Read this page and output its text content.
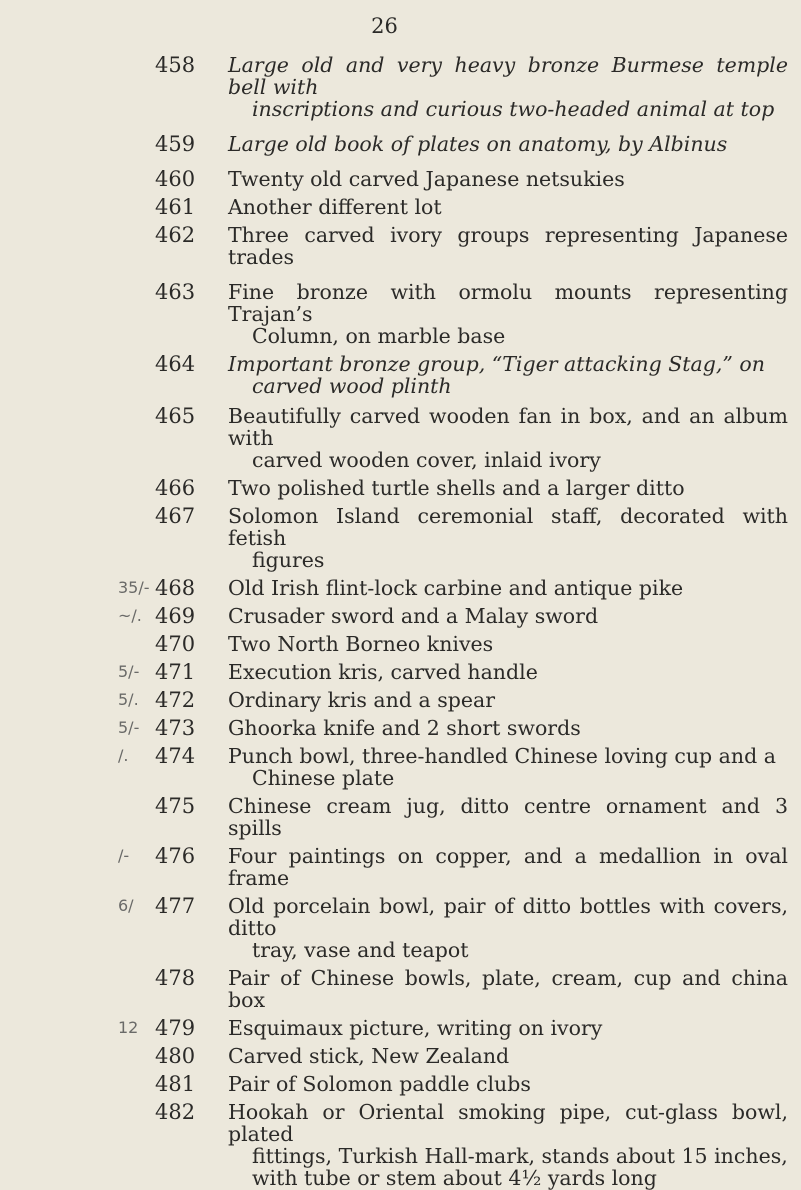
26
458	Large old and very heavy bronze Burmese temple bell with
inscriptions and curious two-headed animal at top
459	Large old book of plates on anatomy, by Albinus
460	Twenty old carved Japanese netsukies
461	Another different lot
462	Three carved ivory groups representing Japanese trades
463	Fine bronze with ormolu mounts representing Trajan’s
Column, on marble base
464	Important bronze group, “Tiger attacking Stag,” on
carved wood plinth
465	Beautifully carved wooden fan in box, and an album with
carved wooden cover, inlaid ivory
466	Two polished turtle shells and a larger ditto
467	Solomon Island ceremonial staff, decorated with fetish
figures
35/- 468	Old Irish flint-lock carbine and antique pike
~/. 469	Crusader sword and a Malay sword
470	Two North Borneo knives
5/- 471	Execution kris, carved handle
5/. 472	Ordinary kris and a spear
5/- 473	Ghoorka knife and 2 short swords
/. 474	Punch bowl, three-handled Chinese loving cup and a
Chinese plate
475	Chinese cream jug, ditto centre ornament and 3 spills
/- 476	Four paintings on copper, and a medallion in oval frame
6/ 477	Old porcelain bowl, pair of ditto bottles with covers, ditto
tray, vase and teapot
478	Pair of Chinese bowls, plate, cream, cup and china box
12 479	Esquimaux picture, writing on ivory
480	Carved stick, New Zealand
481	Pair of Solomon paddle clubs
482	Hookah or Oriental smoking pipe, cut-glass bowl, plated
fittings, Turkish Hall-mark, stands about 15 inches,
with tube or stem about 4½ yards long
